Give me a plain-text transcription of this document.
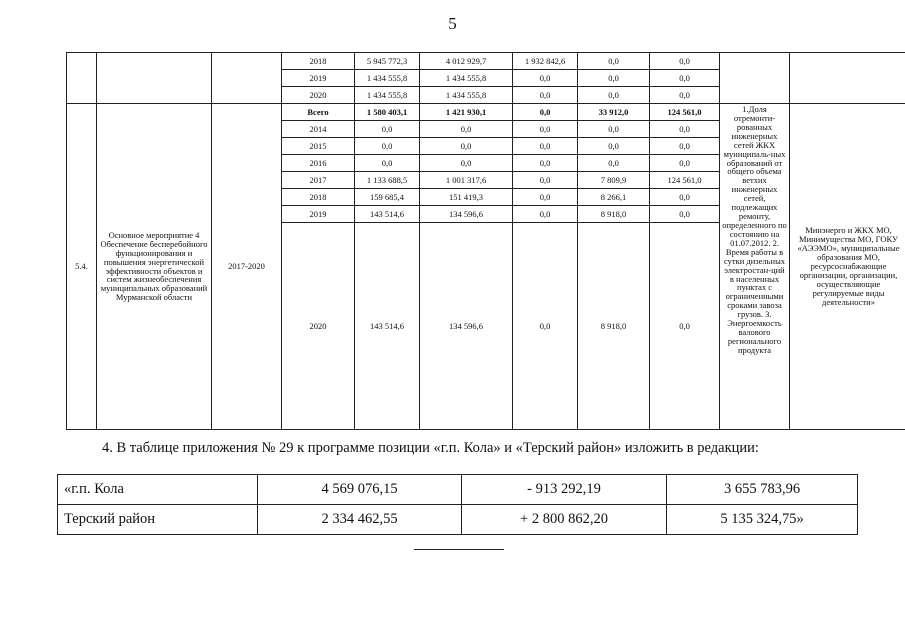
5
			2018	5 945 772,3	4 012 929,7	1 932 842,6	0,0	0,0		
			2019	1 434 555,8	1 434 555,8	0,0	0,0	0,0		
			2020	1 434 555,8	1 434 555,8	0,0	0,0	0,0		
5.4.	Основное мероприятие 4 Обеспечение бесперебойного функционирования и повышения энергетической эффективности объектов и систем жизнеобеспечения муниципальных образований Мурманской области	2017-2020	Всего	1 580 403,1	1 421 930,1	0,0	33 912,0	124 561,0	1.Доля отремонти-рованных инженерных сетей ЖКХ муниципаль-ных образований от общего объема ветхих инженерных сетей, подлежащих ремонту, определенного по состоянию на 01.07.2012. 2. Время работы в сутки дизельных электростан-ций в населенных пунктах с ограниченными сроками завоза грузов. 3. Энергоемкость валового регионального продукта	Минэнерго и ЖКХ МО, Минимущества МО, ГОКУ «АЭЭМО», муниципальные образования МО, ресурсоснабжающие организации, организации, осуществляющие регулируемые виды деятельности»
			2014	0,0	0,0	0,0	0,0	0,0		
			2015	0,0	0,0	0,0	0,0	0,0		
			2016	0,0	0,0	0,0	0,0	0,0		
			2017	1 133 688,5	1 001 317,6	0,0	7 809,9	124 561,0		
			2018	159 685,4	151 419,3	0,0	8 266,1	0,0		
			2019	143 514,6	134 596,6	0,0	8 918,0	0,0		
			2020	143 514,6	134 596,6	0,0	8 918,0	0,0		
4. В таблице приложения № 29 к программе позиции «г.п. Кола» и «Терский район» изложить в редакции:
«г.п. Кола	4 569 076,15	- 913 292,19	3 655 783,96
Терский район	2 334 462,55	+ 2 800 862,20	5 135 324,75»
